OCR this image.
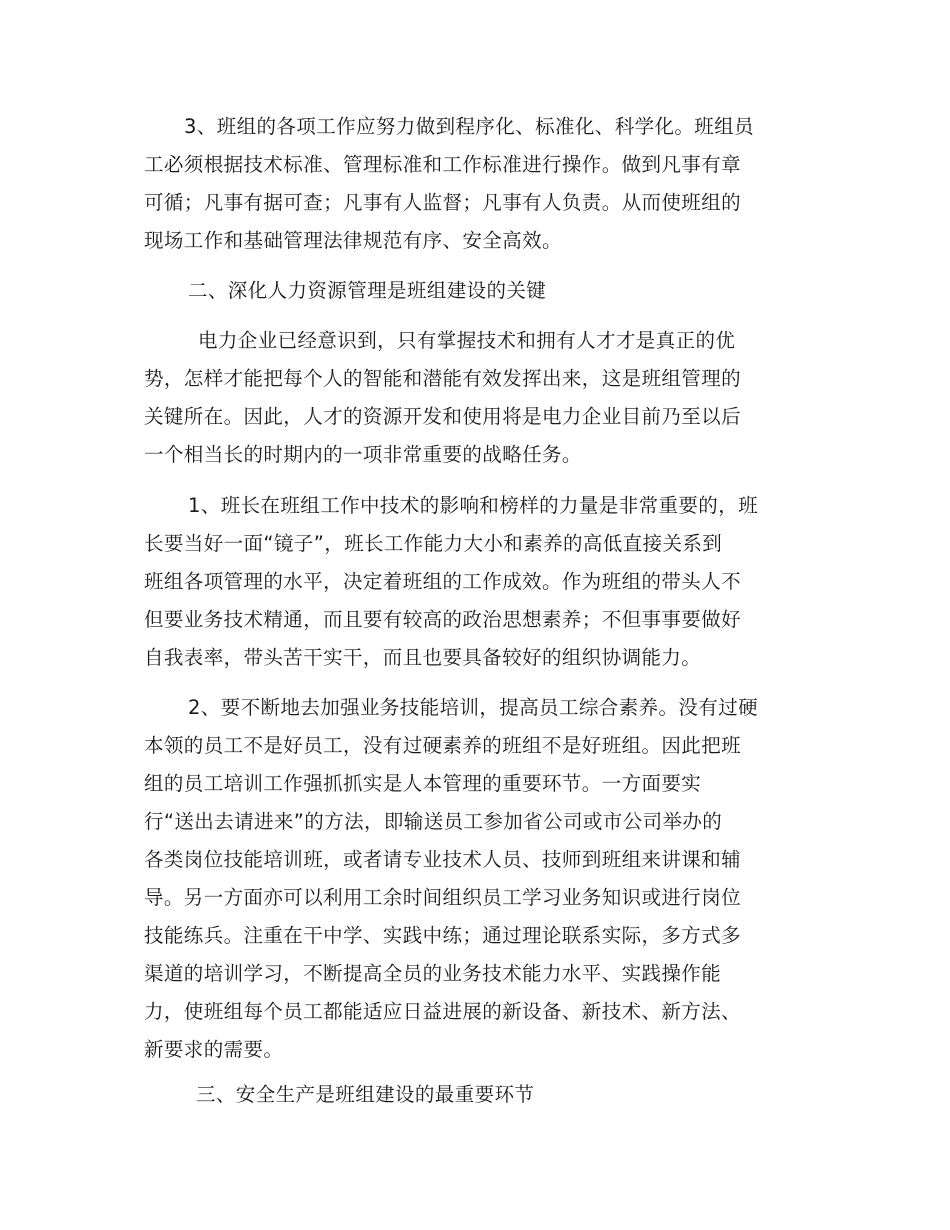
3、班组的各项工作应努力做到程序化、标准化、科学化。班组员
工必须根据技术标准、管理标准和工作标准进行操作。做到凡事有章
可循；凡事有据可查；凡事有人监督；凡事有人负责。从而使班组的
现场工作和基础管理法律规范有序、安全高效。
二、深化人力资源管理是班组建设的关键
电力企业已经意识到，只有掌握技术和拥有人才才是真正的优
势，怎样才能把每个人的智能和潜能有效发挥出来，这是班组管理的
关键所在。因此，人才的资源开发和使用将是电力企业目前乃至以后
一个相当长的时期内的一项非常重要的战略任务。
1、班长在班组工作中技术的影响和榜样的力量是非常重要的，班
长要当好一面“镜子”，班长工作能力大小和素养的高低直接关系到
班组各项管理的水平，决定着班组的工作成效。作为班组的带头人不
但要业务技术精通，而且要有较高的政治思想素养；不但事事要做好
自我表率，带头苦干实干，而且也要具备较好的组织协调能力。
2、要不断地去加强业务技能培训，提高员工综合素养。没有过硬
本领的员工不是好员工，没有过硬素养的班组不是好班组。因此把班
组的员工培训工作强抓抓实是人本管理的重要环节。一方面要实
行“送出去请进来”的方法，即输送员工参加省公司或市公司举办的
各类岗位技能培训班，或者请专业技术人员、技师到班组来讲课和辅
导。另一方面亦可以利用工余时间组织员工学习业务知识或进行岗位
技能练兵。注重在干中学、实践中练；通过理论联系实际，多方式多
渠道的培训学习，不断提高全员的业务技术能力水平、实践操作能
力，使班组每个员工都能适应日益进展的新设备、新技术、新方法、
新要求的需要。
三、安全生产是班组建设的最重要环节
